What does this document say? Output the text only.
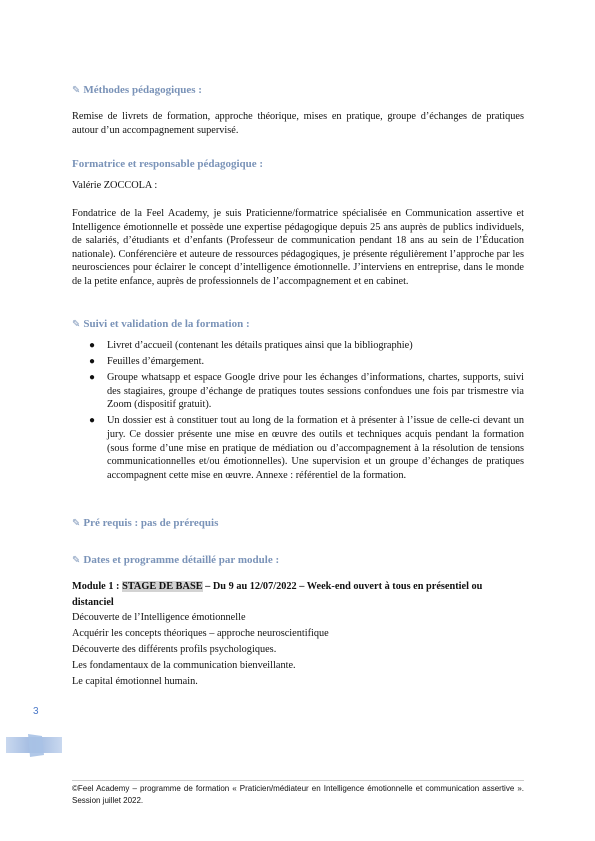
✎ Méthodes pédagogiques :

Remise de livrets de formation, approche théorique, mises en pratique, groupe d’échanges de pratiques autour d’un accompagnement supervisé.

Formatrice et responsable pédagogique :
Valérie ZOCCOLA :

Fondatrice de la Feel Academy, je suis Praticienne/formatrice spécialisée en Communication assertive et Intelligence émotionnelle et possède une expertise pédagogique depuis 25 ans auprès de publics individuels, de salariés, d’étudiants et d’enfants (Professeur de communication pendant 18 ans au sein de l’Éducation nationale). Conférencière et auteure de ressources pédagogiques, je présente régulièrement l’approche par les neurosciences pour éclairer le concept d’intelligence émotionnelle. J’interviens en entreprise, dans le monde de la petite enfance, auprès de professionnels de l’accompagnement et en cabinet.

✎ Suivi et validation de la formation :
● Livret d’accueil (contenant les détails pratiques ainsi que la bibliographie)
● Feuilles d’émargement.
● Groupe whatsapp et espace Google drive pour les échanges d’informations, chartes, supports, suivi des stagiaires, groupe d’échange de pratiques toutes sessions confondues une fois par trismestre via Zoom (dispositif gratuit).
● Un dossier est à constituer tout au long de la formation et à présenter à l’issue de celle-ci devant un jury. Ce dossier présente une mise en œuvre des outils et techniques acquis pendant la formation (sous forme d’une mise en pratique de médiation ou d’accompagnement à la résolution de tensions communicationnelles et/ou émotionnelles). Une supervision et un groupe d’échanges de pratiques accompagnent cette mise en œuvre. Annexe : référentiel de la formation.
✎ Pré requis : pas de prérequis
✎ Dates et programme détaillé par module :
Module 1 : STAGE DE BASE – Du 9 au 12/07/2022 – Week-end ouvert à tous en présentiel ou distanciel
Découverte de l’Intelligence émotionnelle
Acquérir les concepts théoriques – approche neuroscientifique
Découverte des différents profils psychologiques.
Les fondamentaux de la communication bienveillante.
Le capital émotionnel humain.
3

©Feel Academy – programme de formation « Praticien/médiateur en Intelligence émotionnelle et communication assertive ». Session juillet 2022.
